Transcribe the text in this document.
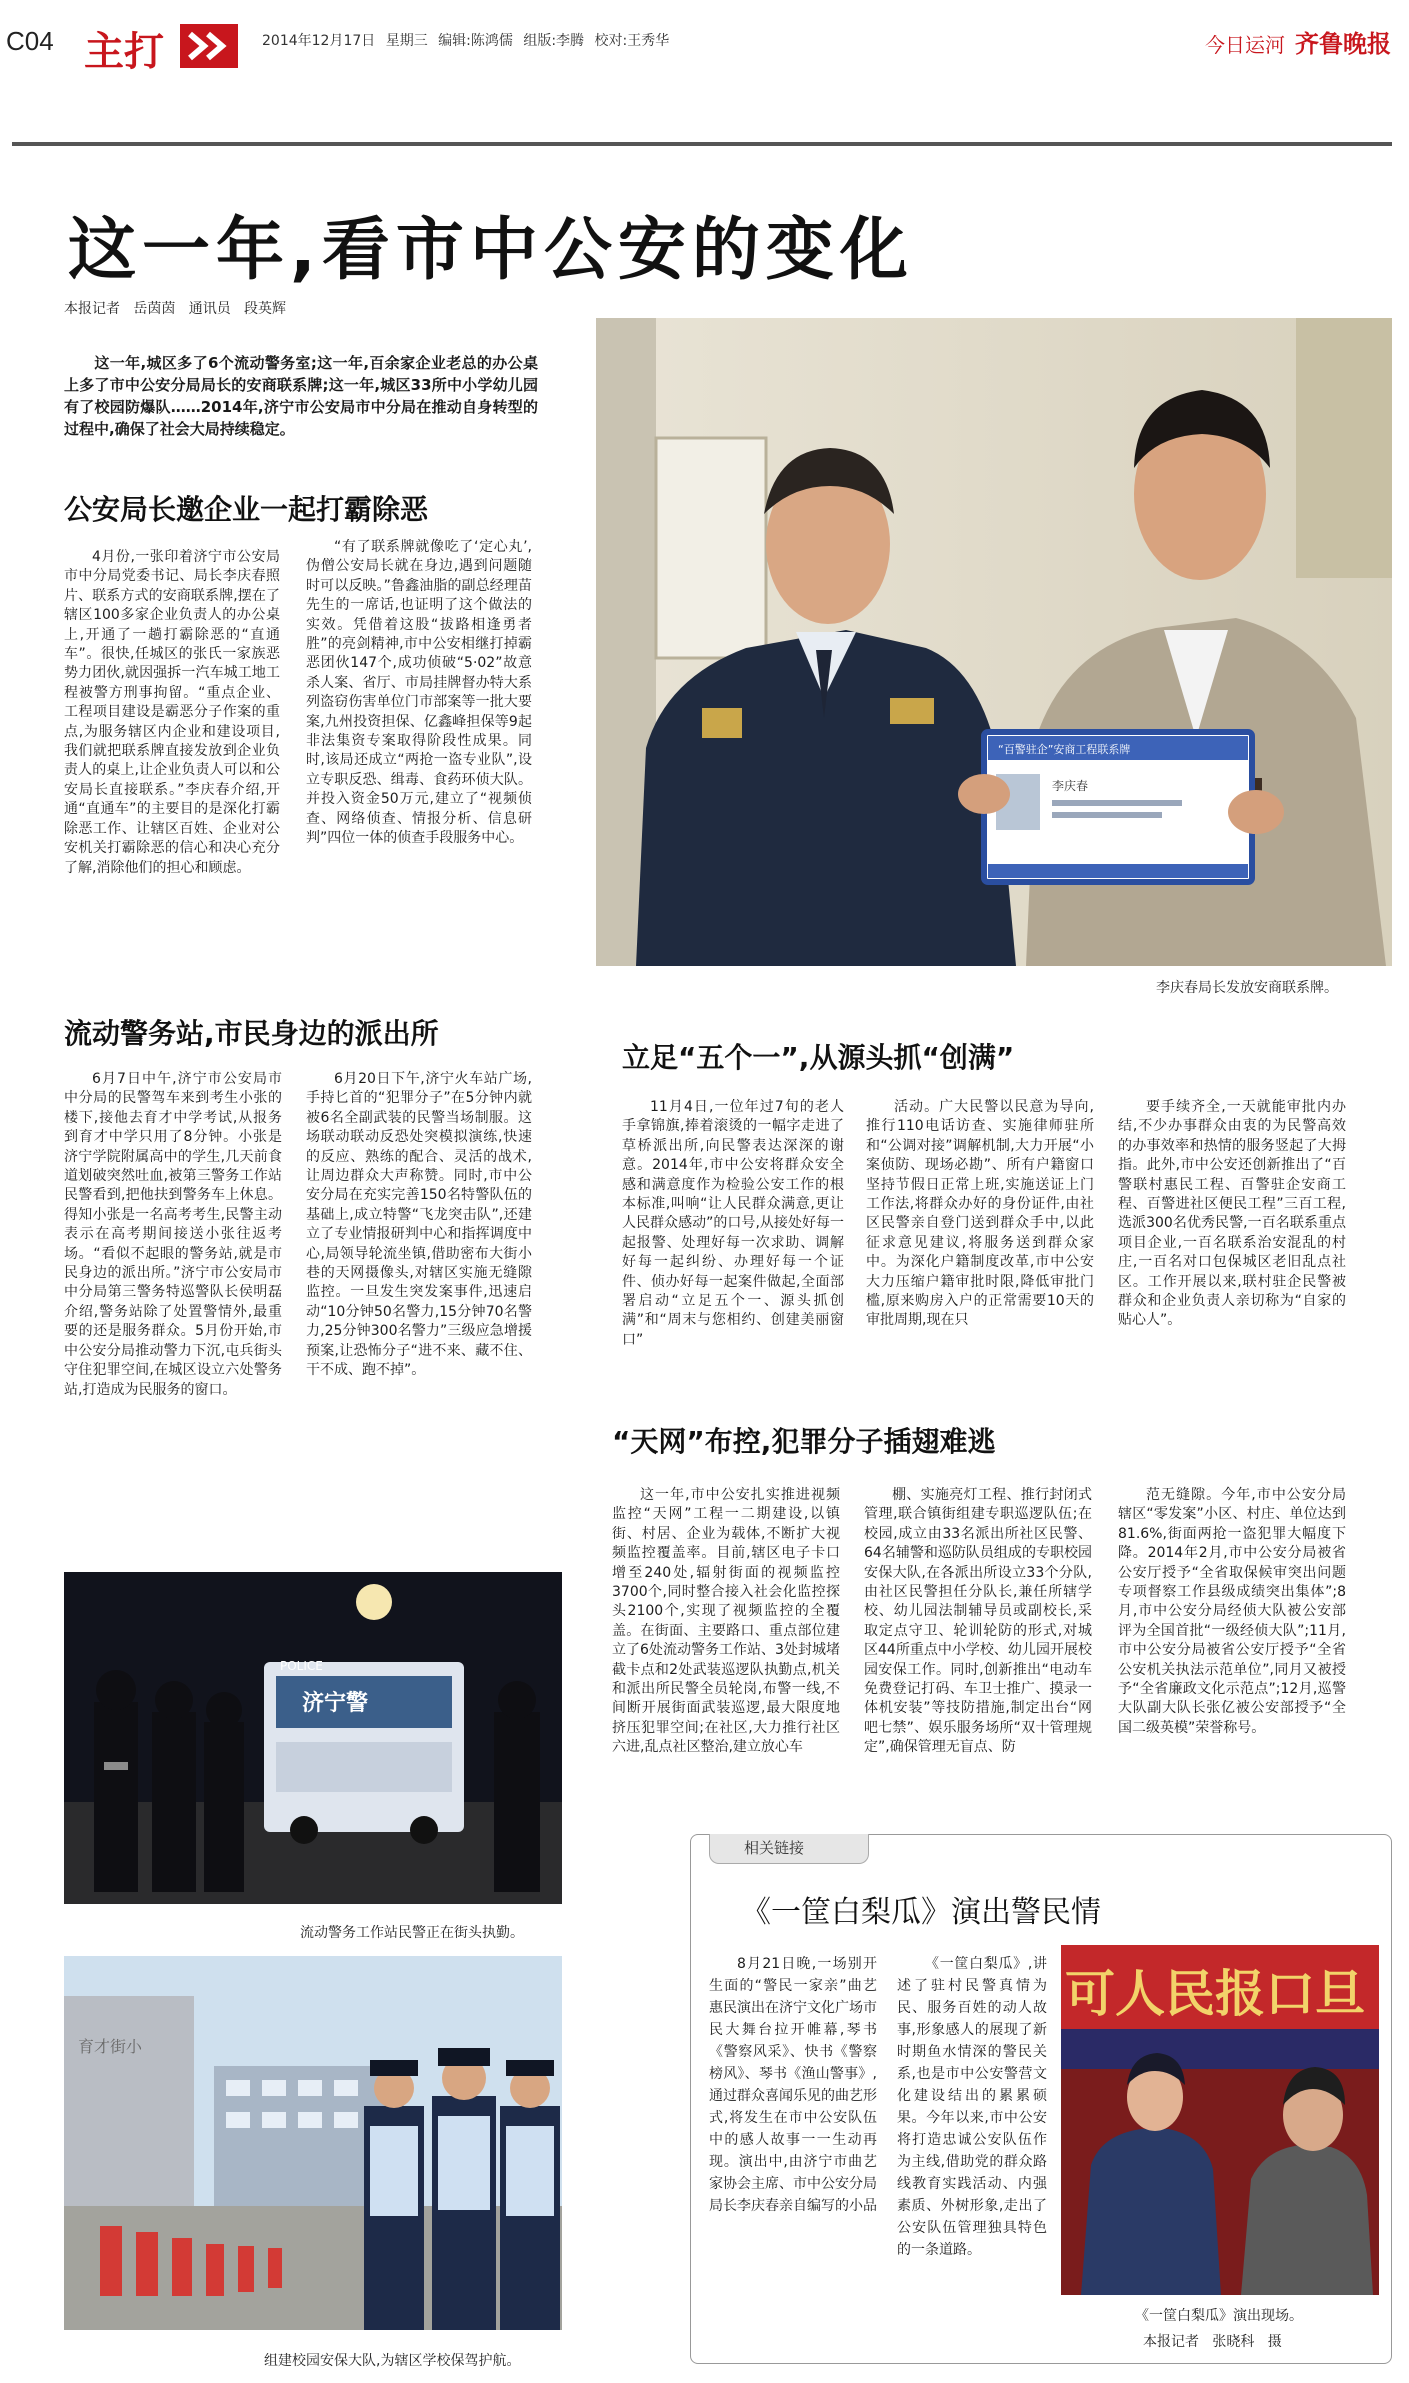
C04 主打	2014年12月17日 星期三 编辑:陈鸿儒 组版:李腾 校对:王秀华	今日运河 齐鲁晚报
这一年,看市中公安的变化
本报记者   岳茵茵   通讯员   段英辉
这一年,城区多了6个流动警务室;这一年,百余家企业老总的办公桌上多了市中公安分局局长的安商联系牌;这一年,城区33所中小学幼儿园有了校园防爆队……2014年,济宁市公安局市中分局在推动自身转型的过程中,确保了社会大局持续稳定。
公安局长邀企业一起打霸除恶

4月份,一张印着济宁市公安局市中分局党委书记、局长李庆春照片、联系方式的安商联系牌,摆在了辖区100多家企业负责人的办公桌上,开通了一趟打霸除恶的“直通车”。很快,任城区的张氏一家族恶势力团伙,就因强拆一汽车城工地工程被警方刑事拘留。“重点企业、工程项目建设是霸恶分子作案的重点,为服务辖区内企业和建设项目,我们就把联系牌直接发放到企业负责人的桌上,让企业负责人可以和公安局长直接联系。”李庆春介绍,开通“直通车”的主要目的是深化打霸除恶工作、让辖区百姓、企业对公安机关打霸除恶的信心和决心充分了解,消除他们的担心和顾虑。

“有了联系牌就像吃了‘定心丸’,伪僧公安局长就在身边,遇到问题随时可以反映。”鲁鑫油脂的副总经理苗先生的一席话,也证明了这个做法的实效。凭借着这股“拔路相逢勇者胜”的亮剑精神,市中公安相继打掉霸恶团伙147个,成功侦破“5·02”故意杀人案、省厅、市局挂牌督办特大系列盗窃伤害单位门市部案等一批大要案,九州投资担保、亿鑫峰担保等9起非法集资专案取得阶段性成果。同时,该局还成立“两抢一盗专业队”,设立专职反恐、缉毒、食药环侦大队。并投入资金50万元,建立了“视频侦查、网络侦查、情报分析、信息研判”四位一体的侦查手段服务中心。

“百警驻企”安商工程联系牌
李庆春
李庆春局长发放安商联系牌。
流动警务站,市民身边的派出所

6月7日中午,济宁市公安局市中分局的民警驾车来到考生小张的楼下,接他去育才中学考试,从报务到育才中学只用了8分钟。小张是济宁学院附属高中的学生,几天前食道划破突然吐血,被第三警务工作站民警看到,把他扶到警务车上休息。得知小张是一名高考考生,民警主动表示在高考期间接送小张往返考场。“看似不起眼的警务站,就是市民身边的派出所。”济宁市公安局市中分局第三警务特巡警队长侯明磊介绍,警务站除了处置警情外,最重要的还是服务群众。5月份开始,市中公安分局推动警力下沉,屯兵街头守住犯罪空间,在城区设立六处警务站,打造成为民服务的窗口。

6月20日下午,济宁火车站广场,手持匕首的“犯罪分子”在5分钟内就被6名全副武装的民警当场制服。这场联动联动反恐处突模拟演练,快速的反应、熟练的配合、灵活的战术,让周边群众大声称赞。同时,市中公安分局在充实完善150名特警队伍的基础上,成立特警“飞龙突击队”,还建立了专业情报研判中心和指挥调度中心,局领导轮流坐镇,借助密布大街小巷的天网摄像头,对辖区实施无缝隙监控。一旦发生突发案事件,迅速启动“10分钟50名警力,15分钟70名警力,25分钟300名警力”三级应急增援预案,让恐怖分子“进不来、藏不住、干不成、跑不掉”。

济宁警
POLICE
流动警务工作站民警正在街头执勤。
育才街小
组建校园安保大队,为辖区学校保驾护航。
立足“五个一”,从源头抓“创满”

11月4日,一位年过7旬的老人手拿锦旗,捧着滚烫的一幅字走进了草桥派出所,向民警表达深深的谢意。2014年,市中公安将群众安全感和满意度作为检验公安工作的根本标准,叫响“让人民群众满意,更让人民群众感动”的口号,从接处好每一起报警、处理好每一次求助、调解好每一起纠纷、办理好每一个证件、侦办好每一起案件做起,全面部署启动“立足五个一、源头抓创满”和“周末与您相约、创建美丽窗口”

活动。广大民警以民意为导向,推行110电话访查、实施律师驻所和“公调对接”调解机制,大力开展“小案侦防、现场必勘”、所有户籍窗口坚持节假日正常上班,实施送证上门工作法,将群众办好的身份证件,由社区民警亲自登门送到群众手中,以此征求意见建议,将服务送到群众家中。为深化户籍制度改革,市中公安大力压缩户籍审批时限,降低审批门槛,原来购房入户的正常需要10天的审批周期,现在只

要手续齐全,一天就能审批内办结,不少办事群众由衷的为民警高效的办事效率和热情的服务竖起了大拇指。此外,市中公安还创新推出了“百警联村惠民工程、百警驻企安商工程、百警进社区便民工程”三百工程,选派300名优秀民警,一百名联系重点项目企业,一百名联系治安混乱的村庄,一百名对口包保城区老旧乱点社区。工作开展以来,联村驻企民警被群众和企业负责人亲切称为“自家的贴心人”。

“天网”布控,犯罪分子插翅难逃

这一年,市中公安扎实推进视频监控“天网”工程一二期建设,以镇街、村居、企业为载体,不断扩大视频监控覆盖率。目前,辖区电子卡口增至240处,辐射街面的视频监控3700个,同时整合接入社会化监控探头2100个,实现了视频监控的全覆盖。在街面、主要路口、重点部位建立了6处流动警务工作站、3处封城堵截卡点和2处武装巡逻队执勤点,机关和派出所民警全员轮岗,布警一线,不间断开展街面武装巡逻,最大限度地挤压犯罪空间;在社区,大力推行社区六进,乱点社区整治,建立放心车

棚、实施亮灯工程、推行封闭式管理,联合镇街组建专职巡逻队伍;在校园,成立由33名派出所社区民警、64名辅警和巡防队员组成的专职校园安保大队,在各派出所设立33个分队,由社区民警担任分队长,兼任所辖学校、幼儿园法制辅导员或副校长,采取定点守卫、轮训轮防的形式,对城区44所重点中小学校、幼儿园开展校园安保工作。同时,创新推出“电动车免费登记打码、车卫士推广、摸录一体机安装”等技防措施,制定出台“网吧七禁”、娱乐服务场所“双十管理规定”,确保管理无盲点、防

范无缝隙。今年,市中公安分局辖区“零发案”小区、村庄、单位达到81.6%,街面两抢一盗犯罪大幅度下降。2014年2月,市中公安分局被省公安厅授予“全省取保候审突出问题专项督察工作县级成绩突出集体”;8月,市中公安分局经侦大队被公安部评为全国首批“一级经侦大队”;11月,市中公安分局被省公安厅授予“全省公安机关执法示范单位”,同月又被授予“全省廉政文化示范点”;12月,巡警大队副大队长张亿被公安部授予“全国二级英模”荣誉称号。

相关链接
《一筐白梨瓜》演出警民情

8月21日晚,一场别开生面的“警民一家亲”曲艺惠民演出在济宁文化广场市民大舞台拉开帷幕,琴书《警察风采》、快书《警察榜风》、琴书《渔山警事》,通过群众喜闻乐见的曲艺形式,将发生在市中公安队伍中的感人故事一一生动再现。演出中,由济宁市曲艺家协会主席、市中公安分局局长李庆春亲自编写的小品

《一筐白梨瓜》,讲述了驻村民警真情为民、服务百姓的动人故事,形象感人的展现了新时期鱼水情深的警民关系,也是市中公安警营文化建设结出的累累硕果。今年以来,市中公安将打造忠诚公安队伍作为主线,借助党的群众路线教育实践活动、内强素质、外树形象,走出了公安队伍管理独具特色的一条道路。

可人民报口旦
《一筐白梨瓜》演出现场。
本报记者   张晓科   摄
